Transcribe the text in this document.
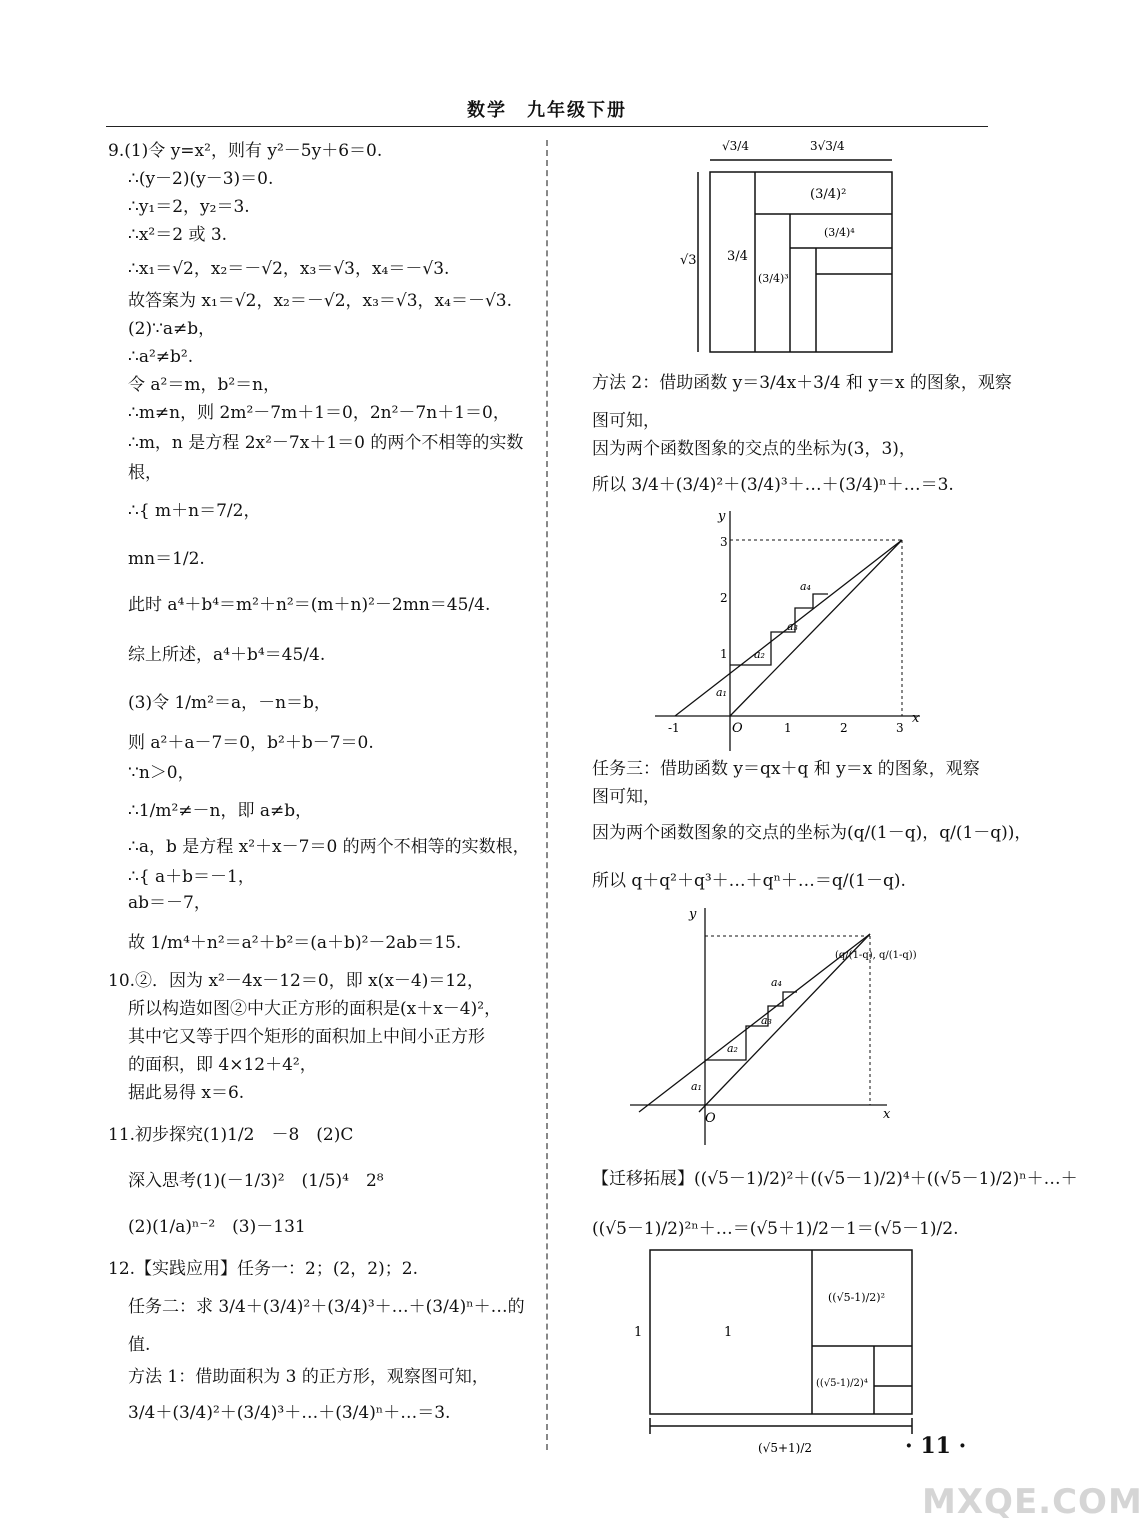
数学　九年级下册
9.(1)令 y=x²，则有 y²－5y＋6＝0.
∴(y－2)(y－3)＝0.
∴y₁＝2，y₂＝3.
∴x²＝2 或 3.
∴x₁＝√2，x₂＝－√2，x₃＝√3，x₄＝－√3.
故答案为 x₁＝√2，x₂＝－√2，x₃＝√3，x₄＝－√3.
(2)∵a≠b，
∴a²≠b².
令 a²＝m，b²＝n，
∴m≠n，则 2m²－7m＋1＝0，2n²－7n＋1＝0，
∴m，n 是方程 2x²－7x＋1＝0 的两个不相等的实数
根，
∴{ m＋n＝7/2，
mn＝1/2.
此时 a⁴＋b⁴＝m²＋n²＝(m＋n)²－2mn＝45/4.
综上所述，a⁴＋b⁴＝45/4.
(3)令 1/m²＝a，－n＝b，
则 a²＋a－7＝0，b²＋b－7＝0.
∵n＞0，
∴1/m²≠－n，即 a≠b，
∴a，b 是方程 x²＋x－7＝0 的两个不相等的实数根，
∴{ a＋b＝－1，
ab＝－7，
故 1/m⁴＋n²＝a²＋b²＝(a＋b)²－2ab＝15.
10.②．因为 x²－4x－12＝0，即 x(x－4)＝12，
所以构造如图②中大正方形的面积是(x＋x－4)²，
其中它又等于四个矩形的面积加上中间小正方形
的面积，即 4×12＋4²，
据此易得 x＝6.
11.初步探究(1)1/2　－8　(2)C
深入思考(1)(－1/3)²　(1/5)⁴　2⁸
(2)(1/a)ⁿ⁻²　(3)－131
12.【实践应用】任务一：2；(2，2)；2.
任务二：求 3/4＋(3/4)²＋(3/4)³＋…＋(3/4)ⁿ＋…的
值.
方法 1：借助面积为 3 的正方形，观察图可知，
3/4＋(3/4)²＋(3/4)³＋…＋(3/4)ⁿ＋…＝3.
√3/4	3√3/4
√3 3/4
(3/4)²
(3/4)³
(3/4)⁴
方法 2：借助函数 y＝3/4x＋3/4 和 y＝x 的图象，观察
图可知，
因为两个函数图象的交点的坐标为(3，3)，
所以 3/4＋(3/4)²＋(3/4)³＋…＋(3/4)ⁿ＋…＝3.
y
x
O
-1	1	2	3
1
2
3
a₁
a₂
a₃
a₄
任务三：借助函数 y＝qx＋q 和 y＝x 的图象，观察
图可知，
因为两个函数图象的交点的坐标为(q/(1－q)，q/(1－q))，
所以 q＋q²＋q³＋…＋qⁿ＋…＝q/(1－q).
y
x
O
(q/(1-q), q/(1-q))
a₁
a₂
a₃
a₄
【迁移拓展】((√5－1)/2)²＋((√5－1)/2)⁴＋((√5－1)/2)ⁿ＋…＋
((√5－1)/2)²ⁿ＋…＝(√5＋1)/2－1＝(√5－1)/2.
1	1
((√5-1)/2)²
((√5-1)/2)⁴
(√5+1)/2	· 11 ·
MXQE.COM
